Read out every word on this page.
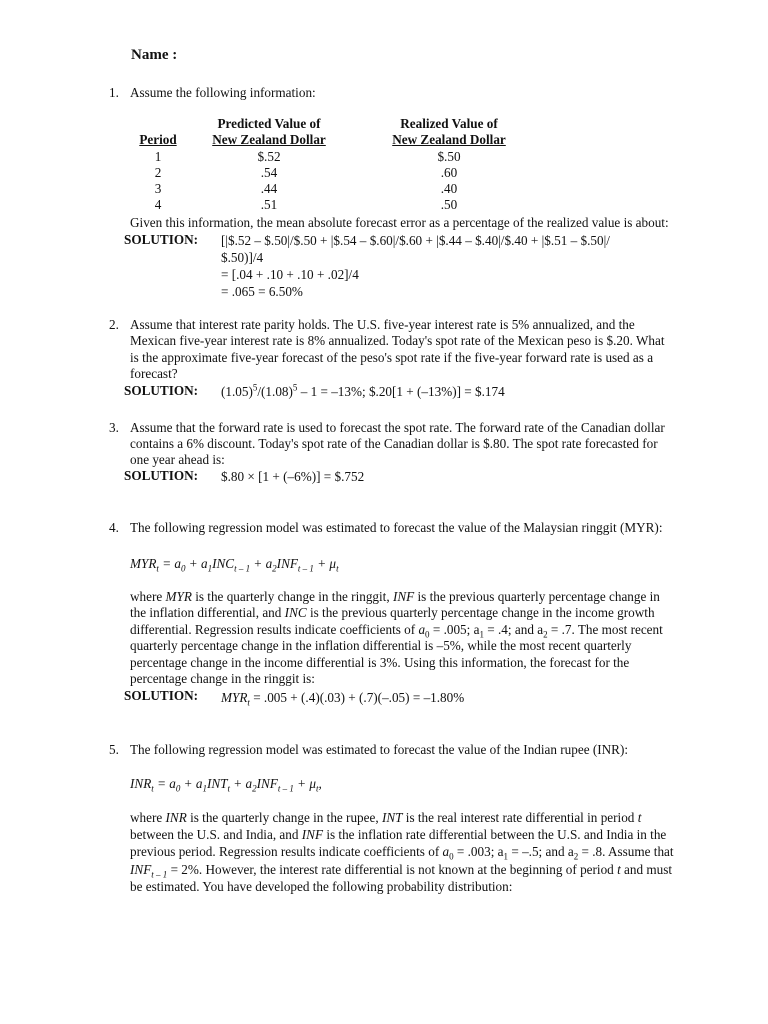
Name :
1. Assume the following information:
	Predicted Value of	Realized Value of
Period	New Zealand Dollar	New Zealand Dollar
1	$.52	$.50
2	.54	.60
3	.44	.40
4	.51	.50
Given this information, the mean absolute forecast error as a percentage of the realized value is about:
SOLUTION: [|$.52 – $.50|/$.50 + |$.54 – $.60|/$.60 + |$.44 – $.40|/$.40 + |$.51 – $.50|/
$.50)]/4
= [.04 + .10 + .10 + .02]/4
= .065 = 6.50%
2. Assume that interest rate parity holds. The U.S. five-year interest rate is 5% annualized, and the
Mexican five-year interest rate is 8% annualized. Today's spot rate of the Mexican peso is $.20. What
is the approximate five-year forecast of the peso's spot rate if the five-year forward rate is used as a
forecast?
SOLUTION: $(1.05)^5/(1.08)^5 - 1 = -13\%$; $.20[1 + (–13%)] = $.174
3. Assume that the forward rate is used to forecast the spot rate. The forward rate of the Canadian dollar
contains a 6% discount. Today's spot rate of the Canadian dollar is $.80. The spot rate forecasted for
one year ahead is:
SOLUTION: $.80 × [1 + (–6%)] = $.752
4. The following regression model was estimated to forecast the value of the Malaysian ringgit (MYR):
$MYR_t = a_0 + a_1INC_{t - 1} + a_2INF_{t - 1} + \mu_t$
where MYR is the quarterly change in the ringgit, INF is the previous quarterly percentage change in
the inflation differential, and INC is the previous quarterly percentage change in the income growth
differential. Regression results indicate coefficients of $a_0 = .005$; $a_1 = .4$; and $a_2 = .7$. The most recent
quarterly percentage change in the inflation differential is –5%, while the most recent quarterly
percentage change in the income differential is 3%. Using this information, the forecast for the
percentage change in the ringgit is:
SOLUTION: $MYR_t = .005 + (.4)(.03) + (.7)(-.05) = -1.80\%$
5. The following regression model was estimated to forecast the value of the Indian rupee (INR):
$INR_t = a_0 + a_1INT_t + a_2INF_{t - 1} + \mu_t$,
where INR is the quarterly change in the rupee, INT is the real interest rate differential in period t
between the U.S. and India, and INF is the inflation rate differential between the U.S. and India in the
previous period. Regression results indicate coefficients of $a_0 = .003$; $a_1 = -.5$; and $a_2 = .8$. Assume that
$INF_{t - 1} = 2\%$. However, the interest rate differential is not known at the beginning of period t and must
be estimated. You have developed the following probability distribution:
